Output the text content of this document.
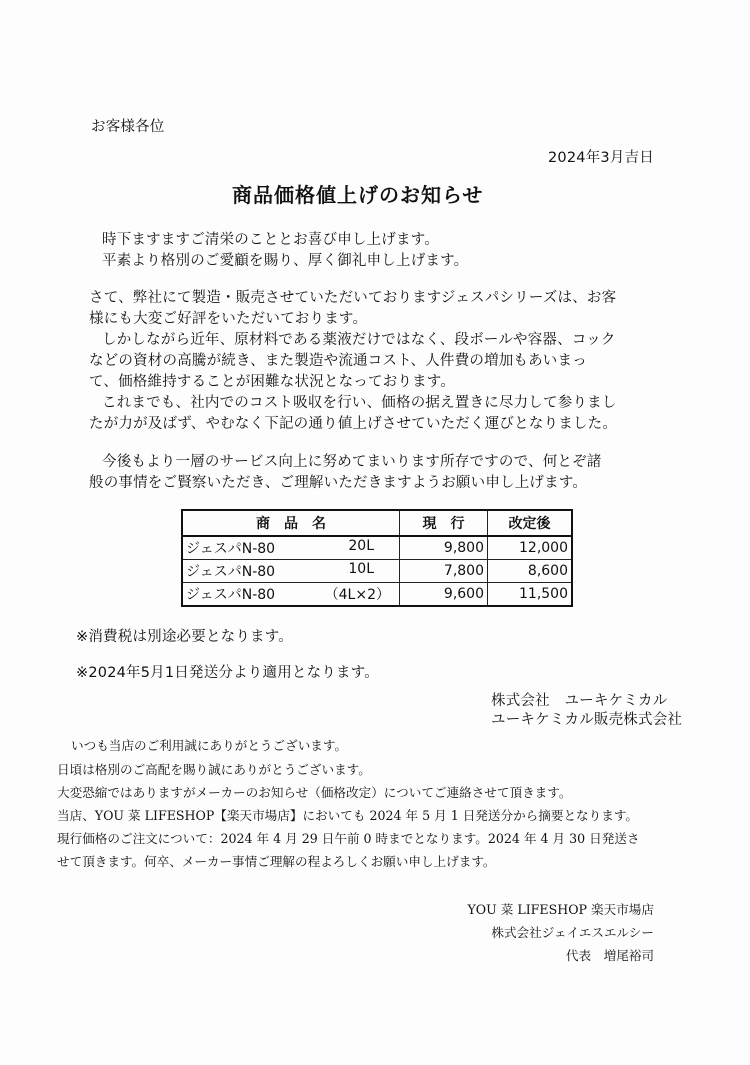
お客様各位
2024年3月吉日
商品価格値上げのお知らせ
時下ますますご清栄のこととお喜び申し上げます。
平素より格別のご愛顧を賜り、厚く御礼申し上げます。
さて、弊社にて製造・販売させていただいておりますジェスパシリーズは、お客
様にも大変ご好評をいただいております。
しかしながら近年、原材料である薬液だけではなく、段ボールや容器、コック
などの資材の高騰が続き、また製造や流通コスト、人件費の増加もあいまっ
て、価格維持することが困難な状況となっております。
これまでも、社内でのコスト吸収を行い、価格の据え置きに尽力して参りまし
たが力が及ばず、やむなく下記の通り値上げさせていただく運びとなりました。
今後もより一層のサービス向上に努めてまいります所存ですので、何とぞ諸
般の事情をご賢察いただき、ご理解いただきますようお願い申し上げます。
商　品　名	現　行	改定後

ジェスパN-80 20L	9,800	12,000

ジェスパN-80 10L	7,800	8,600

ジェスパN-80 （4L×2）	9,600	11,500
※消費税は別途必要となります。
※2024年5月1日発送分より適用となります。
株式会社　ユーキケミカル
ユーキケミカル販売株式会社
いつも当店のご利用誠にありがとうございます。
日頃は格別のご高配を賜り誠にありがとうございます。
大変恐縮ではありますがメーカーのお知らせ（価格改定）についてご連絡させて頂きます。
当店、YOU 菜 LIFESHOP【楽天市場店】においても 2024 年 5 月 1 日発送分から摘要となります。
現行価格のご注文について：2024 年 4 月 29 日午前 0 時までとなります。2024 年 4 月 30 日発送さ
せて頂きます。何卒、メーカー事情ご理解の程よろしくお願い申し上げます。
YOU 菜 LIFESHOP 楽天市場店
株式会社ジェイエスエルシー
代表　増尾裕司
